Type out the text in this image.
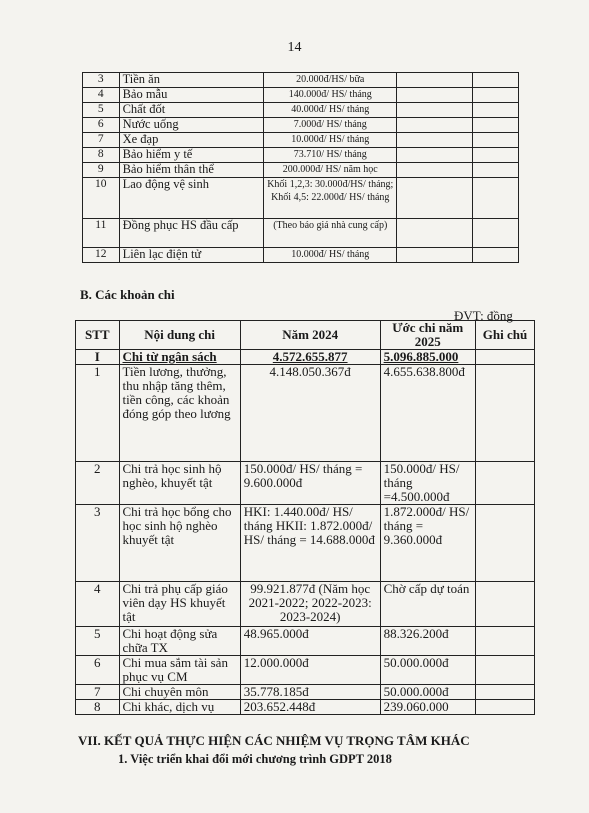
14
3	Tiền ăn	20.000đ/HS/ bữa		
4	Bảo mẫu	140.000đ/ HS/ tháng		
5	Chất đốt	40.000đ/ HS/ tháng		
6	Nước uống	7.000đ/ HS/ tháng		
7	Xe đạp	10.000đ/ HS/ tháng		
8	Bảo hiểm y tế	73.710/ HS/ tháng		
9	Bảo hiểm thân thể	200.000đ/ HS/ năm học		
10	Lao động vệ sinh	Khối 1,2,3: 30.000đ/HS/ tháng; Khối 4,5: 22.000đ/ HS/ tháng		
11	Đồng phục HS đầu cấp	(Theo báo giá nhà cung cấp)		
12	Liên lạc điện tử	10.000đ/ HS/ tháng		
B. Các khoản chi
ĐVT: đồng
STT	Nội dung chi	Năm 2024	Ước chi năm 2025	Ghi chú
I	Chi từ ngân sách	4.572.655.877	5.096.885.000	
1	Tiền lương, thưởng, thu nhập tăng thêm, tiền công, các khoản đóng góp theo lương	4.148.050.367đ	4.655.638.800đ	
2	Chi trả học sinh hộ nghèo, khuyết tật	150.000đ/ HS/ tháng = 9.600.000đ	150.000đ/ HS/ tháng =4.500.000đ	
3	Chi trả học bổng cho học sinh hộ nghèo khuyết tật	HKI: 1.440.00đ/ HS/ tháng HKII: 1.872.000đ/ HS/ tháng = 14.688.000đ	1.872.000đ/ HS/ tháng = 9.360.000đ	
4	Chi trả phụ cấp giáo viên dạy HS khuyết tật	99.921.877đ (Năm học 2021-2022; 2022-2023: 2023-2024)	Chờ cấp dự toán	
5	Chi hoạt động sửa chữa TX	48.965.000đ	88.326.200đ	
6	Chi mua sắm tài sản phục vụ CM	12.000.000đ	50.000.000đ	
7	Chi chuyên môn	35.778.185đ	50.000.000đ	
8	Chi khác, dịch vụ	203.652.448đ	239.060.000	
VII. KẾT QUẢ THỰC HIỆN CÁC NHIỆM VỤ TRỌNG TÂM KHÁC
1. Việc triển khai đổi mới chương trình GDPT 2018
